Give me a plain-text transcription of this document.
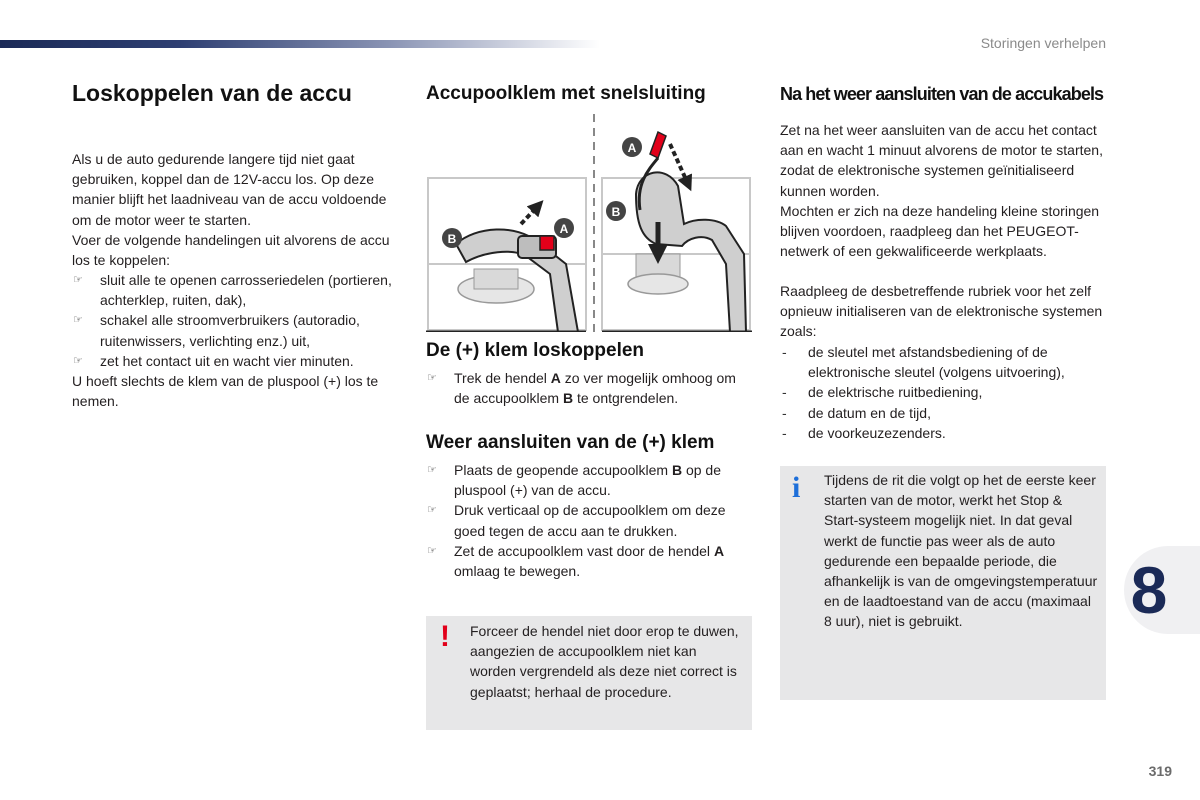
Storingen verhelpen
8
319
Loskoppelen van de accu

Als u de auto gedurende langere tijd niet gaat gebruiken, koppel dan de 12V-accu los. Op deze manier blijft het laadniveau van de accu voldoende om de motor weer te starten.

Voer de volgende handelingen uit alvorens de accu los te koppelen:

☞ sluit alle te openen carrosseriedelen (portieren, achterklep, ruiten, dak),
☞ schakel alle stroomverbruikers (autoradio, ruitenwissers, verlichting enz.) uit,
☞ zet het contact uit en wacht vier minuten.

U hoeft slechts de klem van de pluspool (+) los te nemen.

Accupoolklem met snelsluiting
A
B
A
B
De (+) klem loskoppelen
☞ Trek de hendel A zo ver mogelijk omhoog om de accupoolklem B te ontgrendelen.
Weer aansluiten van de (+) klem
☞ Plaats de geopende accupoolklem B op de pluspool (+) van de accu.
☞ Druk verticaal op de accupoolklem om deze goed tegen de accu aan te drukken.
☞ Zet de accupoolklem vast door de hendel A omlaag te bewegen.
! Forceer de hendel niet door erop te duwen, aangezien de accupoolklem niet kan worden vergrendeld als deze niet correct is geplaatst; herhaal de procedure.
Na het weer aansluiten van de accukabels

Zet na het weer aansluiten van de accu het contact aan en wacht 1 minuut alvorens de motor te starten, zodat de elektronische systemen geïnitialiseerd kunnen worden.

Mochten er zich na deze handeling kleine storingen blijven voordoen, raadpleeg dan het PEUGEOT-netwerk of een gekwalificeerde werkplaats.

Raadpleeg de desbetreffende rubriek voor het zelf opnieuw initialiseren van de elektronische systemen zoals:

- de sleutel met afstandsbediening of de elektronische sleutel (volgens uitvoering),
- de elektrische ruitbediening,
- de datum en de tijd,
- de voorkeuzezenders.
i Tijdens de rit die volgt op het de eerste keer starten van de motor, werkt het Stop & Start-systeem mogelijk niet. In dat geval werkt de functie pas weer als de auto gedurende een bepaalde periode, die afhankelijk is van de omgevingstemperatuur en de laadtoestand van de accu (maximaal 8 uur), niet is gebruikt.
